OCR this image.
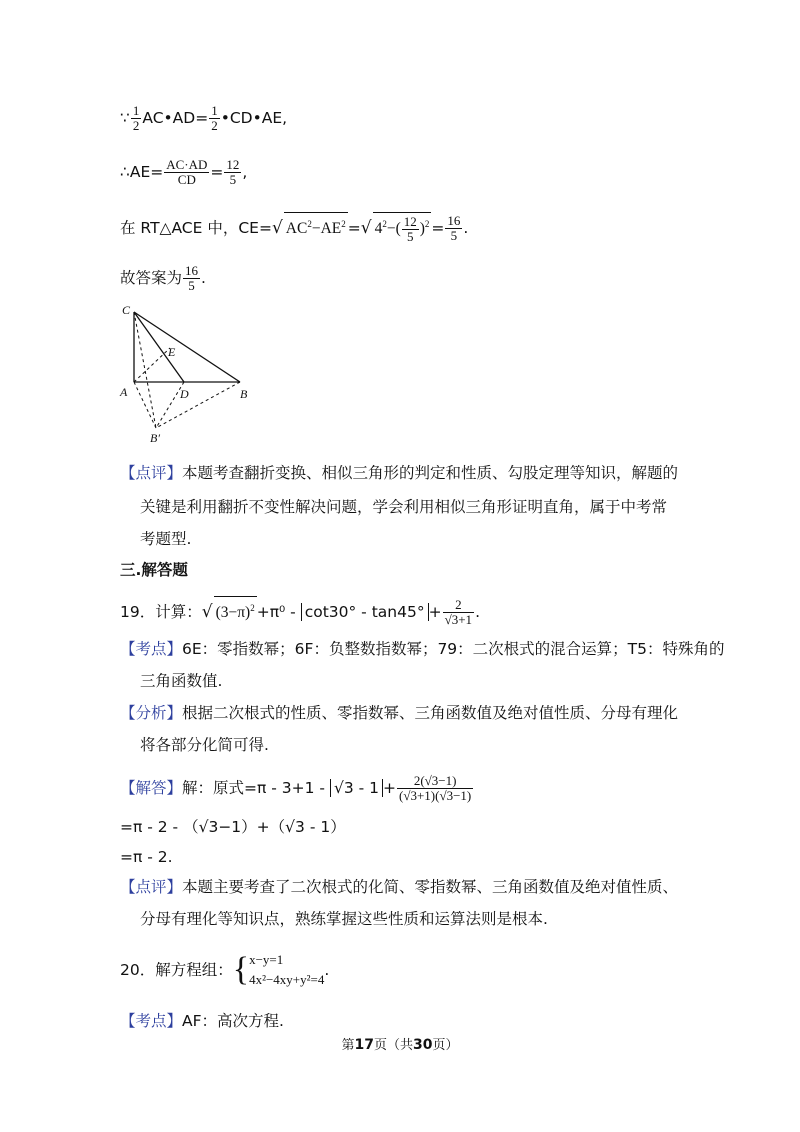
∵ $\frac{1}{2}$ AC•AD= $\frac{1}{2}$ •CD•AE,
∴AE= $\frac{AC\cdot AD}{CD} = \frac{12}{5}$ ,
在 RT△ACE 中，CE=√ $AC^2-AE^2$ =√ $4^2-( \frac{12}{5} )^2 = \frac{16}{5}$ .
故答案为 $\frac{16}{5}$ .
C
E
A	D	B
B′
【点评】本题考查翻折变换、相似三角形的判定和性质、勾股定理等知识，解题的
关键是利用翻折不变性解决问题，学会利用相似三角形证明直角，属于中考常
考题型.
三.解答题
19．计算：√ $(3-\pi)^2 +\pi^0 - \cot 30^\circ - \tan 45^\circ + \frac{2}{√3+1}$ .
【考点】6E：零指数幂；6F：负整数指数幂；79：二次根式的混合运算；T5：特殊角的
三角函数值.
【分析】根据二次根式的性质、零指数幂、三角函数值及绝对值性质、分母有理化
将各部分化简可得.
【解答】解：原式$=\pi - 3+1 - √3 - 1 + \frac{2(√3-1)}{(√3+1)(√3-1)}$
=π - 2 - （√3−1）+（√3 - 1）
=π - 2.
【点评】本题主要考查了二次根式的化简、零指数幂、三角函数值及绝对值性质、
分母有理化等知识点，熟练掌握这些性质和运算法则是根本.
20．解方程组：{ x−y=1
4x²−4xy+y²=4
.
【考点】AF：高次方程.
第17页（共30页）
